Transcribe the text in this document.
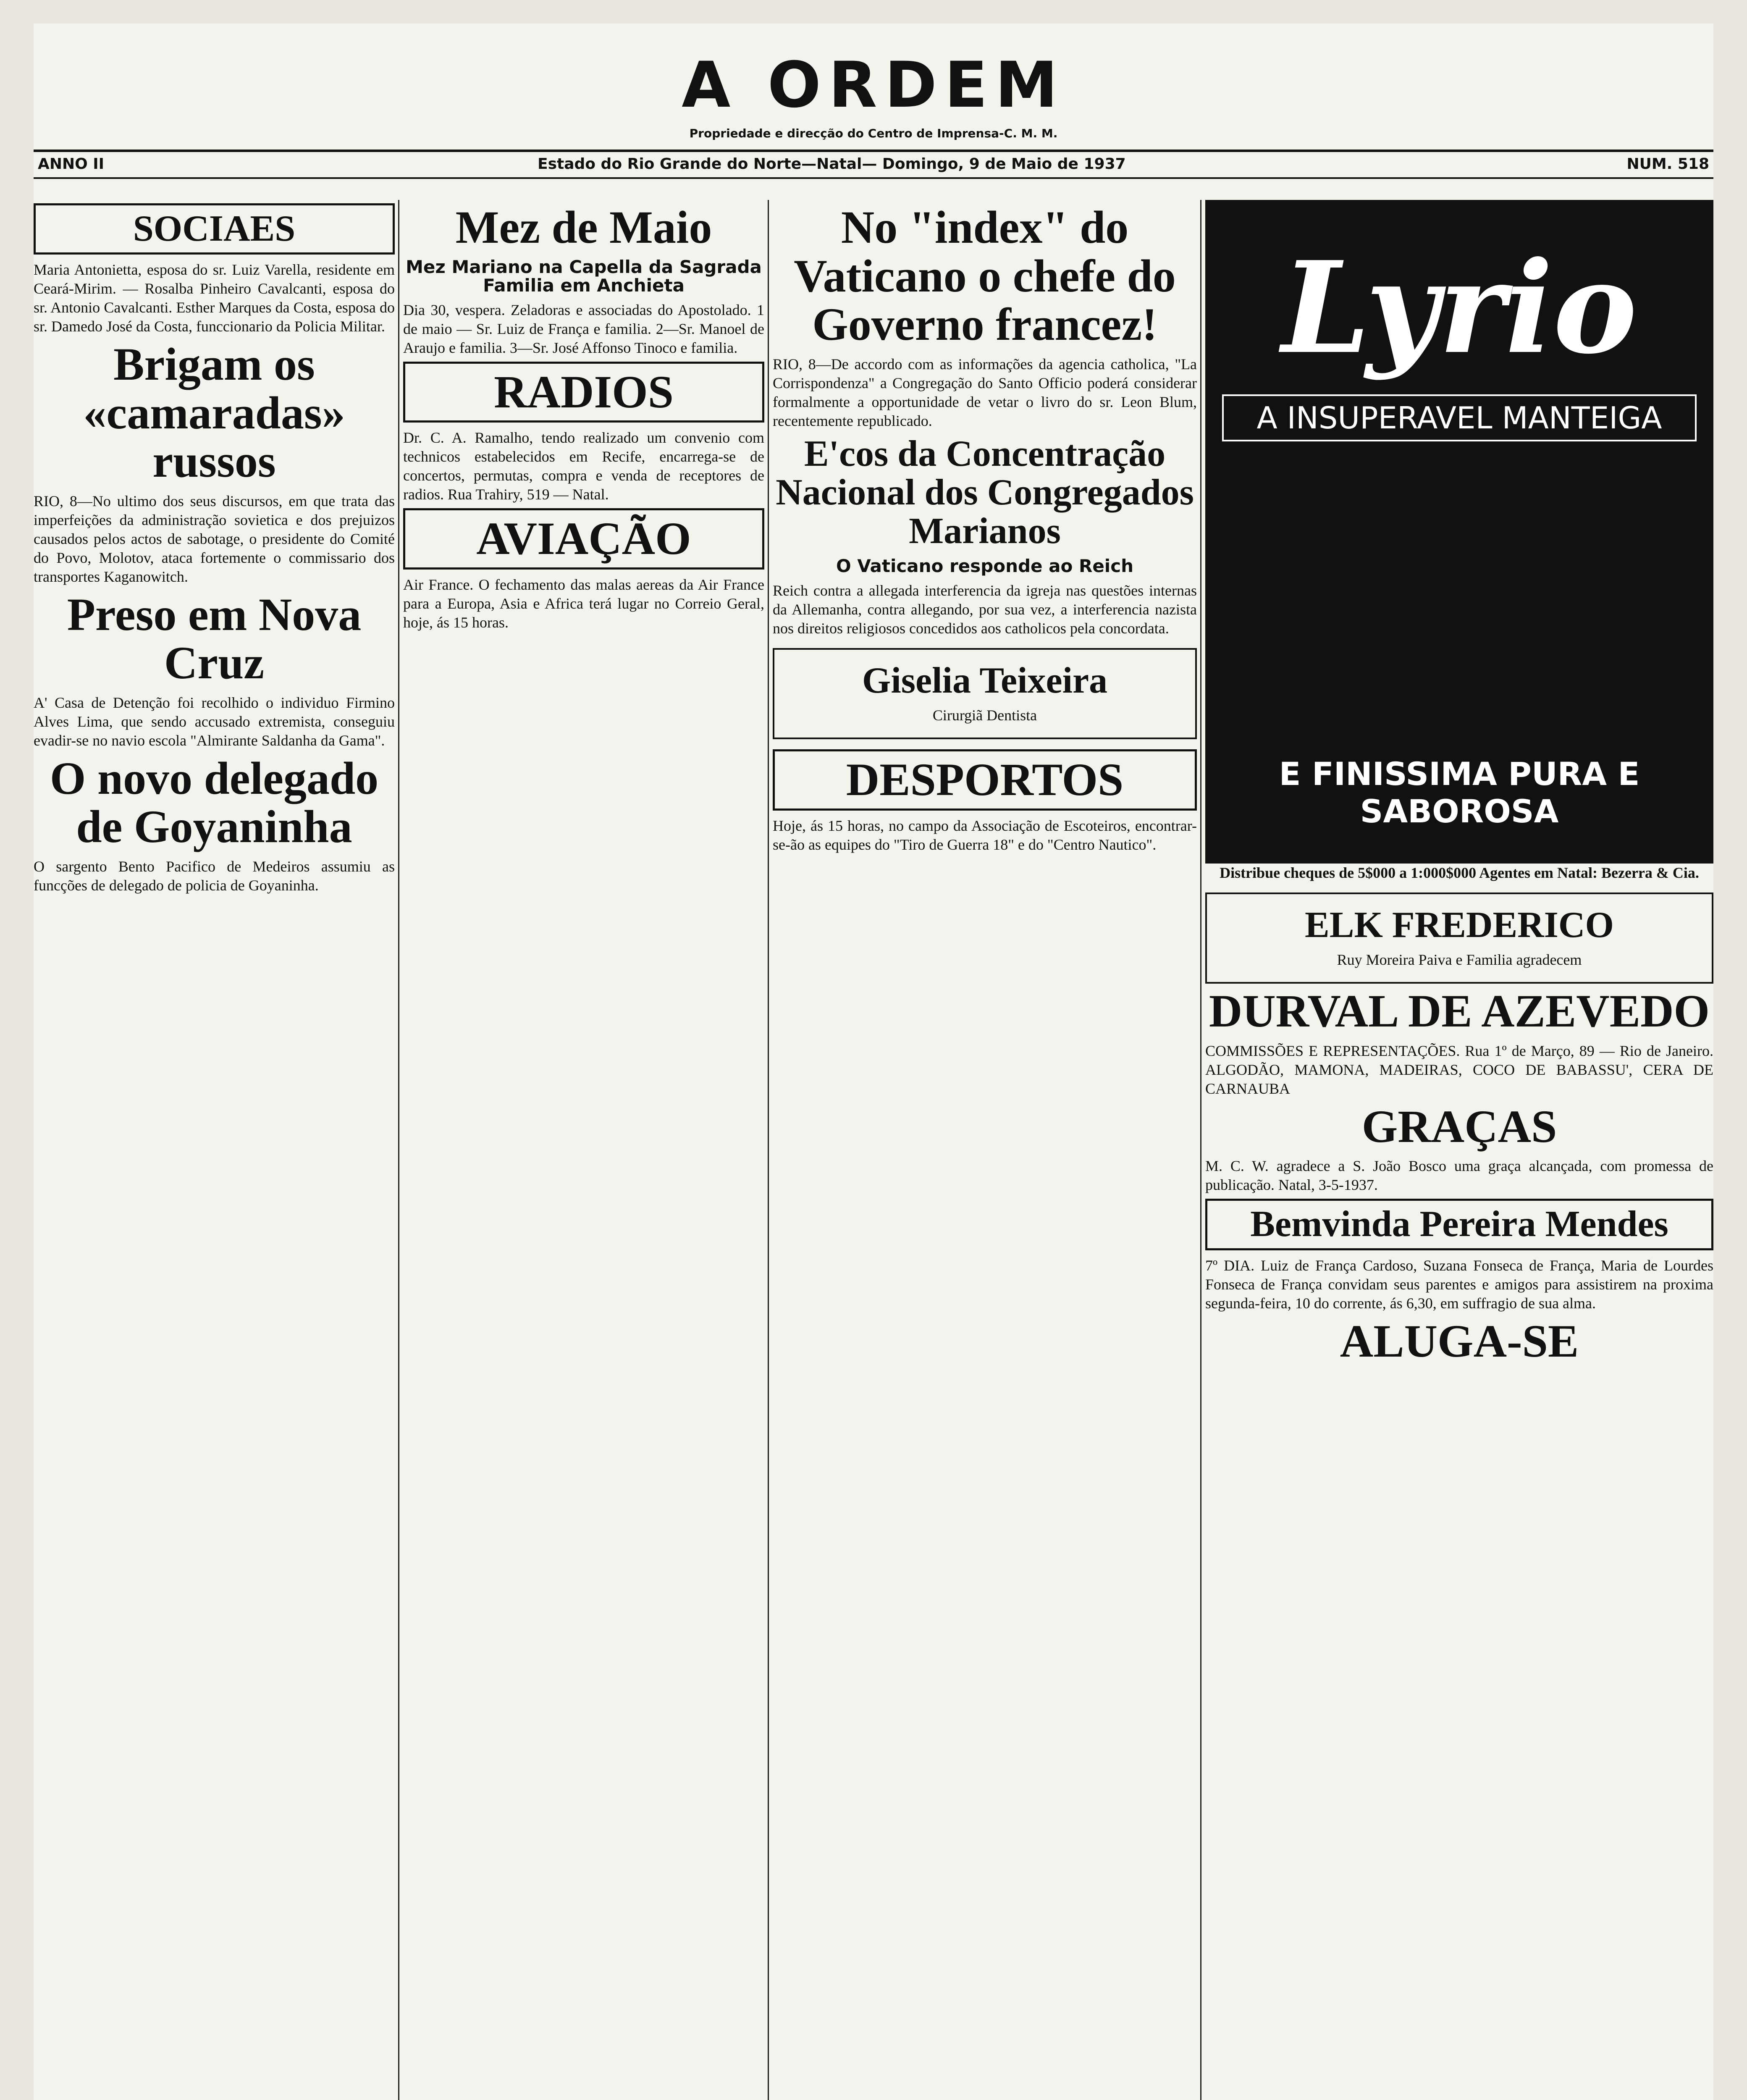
A ORDEM
Propriedade e direcção do Centro de Imprensa-C. M. M.
ANNO II	Estado do Rio Grande do Norte—Natal— Domingo, 9 de Maio de 1937	NUM. 518
SOCIAES

Maria Antonietta, esposa do sr. Luiz Varella, residente em Ceará-Mirim. — Rosalba Pinheiro Cavalcanti, esposa do sr. Antonio Cavalcanti. Esther Marques da Costa, esposa do sr. Damedo José da Costa, funccionario da Policia Militar.

Brigam os «camaradas» russos

RIO, 8—No ultimo dos seus discursos, em que trata das imperfeições da administração sovietica e dos prejuizos causados pelos actos de sabotage, o presidente do Comité do Povo, Molotov, ataca fortemente o commissario dos transportes Kaganowitch.

Preso em Nova Cruz

A' Casa de Detenção foi recolhido o individuo Firmino Alves Lima, que sendo accusado extremista, conseguiu evadir-se no navio escola "Almirante Saldanha da Gama".

O novo delegado de Goyaninha

O sargento Bento Pacifico de Medeiros assumiu as funcções de delegado de policia de Goyaninha.

Mez de Maio
Mez Mariano na Capella da Sagrada Familia em Anchieta

Dia 30, vespera. Zeladoras e associadas do Apostolado. 1 de maio — Sr. Luiz de França e familia. 2—Sr. Manoel de Araujo e familia. 3—Sr. José Affonso Tinoco e familia.

RADIOS

Dr. C. A. Ramalho, tendo realizado um convenio com technicos estabelecidos em Recife, encarrega-se de concertos, permutas, compra e venda de receptores de radios. Rua Trahiry, 519 — Natal.

AVIAÇÃO

Air France. O fechamento das malas aereas da Air France para a Europa, Asia e Africa terá lugar no Correio Geral, hoje, ás 15 horas.

No "index" do Vaticano o chefe do Governo francez!

RIO, 8—De accordo com as informações da agencia catholica, "La Corrispondenza" a Congregação do Santo Officio poderá considerar formalmente a opportunidade de vetar o livro do sr. Leon Blum, recentemente republicado.

E'cos da Concentração Nacional dos Congregados Marianos
O Vaticano responde ao Reich

Reich contra a allegada interferencia da igreja nas questões internas da Allemanha, contra allegando, por sua vez, a interferencia nazista nos direitos religiosos concedidos aos catholicos pela concordata.

Giselia Teixeira
Cirurgiã Dentista
DESPORTOS

Hoje, ás 15 horas, no campo da Associação de Escoteiros, encontrar-se-ão as equipes do "Tiro de Guerra 18" e do "Centro Nautico".

Lyrio
A INSUPERAVEL MANTEIGA
E FINISSIMA PURA E SABOROSA

Distribue cheques de 5$000 a 1:000$000 Agentes em Natal: Bezerra & Cia.

ELK FREDERICO
Ruy Moreira Paiva e Familia agradecem
DURVAL DE AZEVEDO

COMMISSÕES E REPRESENTAÇÕES. Rua 1º de Março, 89 — Rio de Janeiro. ALGODÃO, MAMONA, MADEIRAS, COCO DE BABASSU', CERA DE CARNAUBA

GRAÇAS

M. C. W. agradece a S. João Bosco uma graça alcançada, com promessa de publicação. Natal, 3-5-1937.

Bemvinda Pereira Mendes

7º DIA. Luiz de França Cardoso, Suzana Fonseca de França, Maria de Lourdes Fonseca de França convidam seus parentes e amigos para assistirem na proxima segunda-feira, 10 do corrente, ás 6,30, em suffragio de sua alma.

ALUGA-SE
